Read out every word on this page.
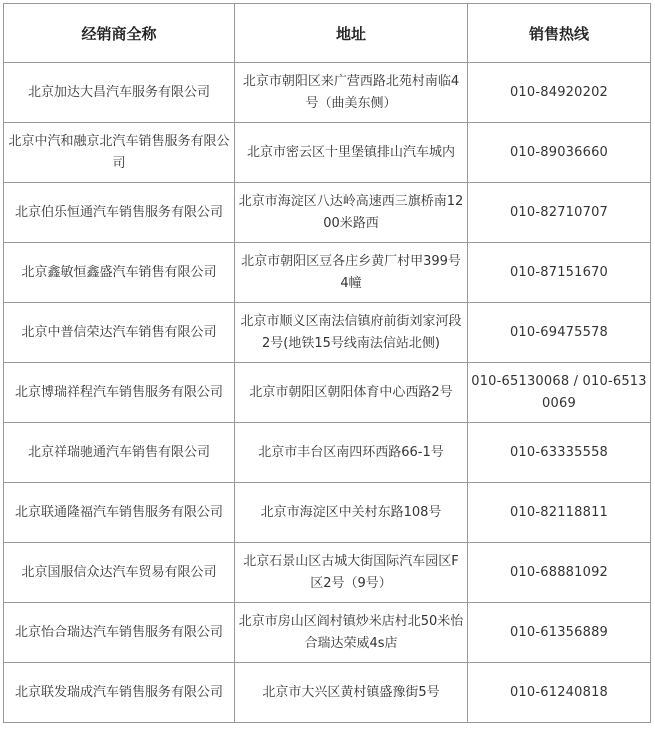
经销商全称	地址	销售热线
北京加达大昌汽车服务有限公司	北京市朝阳区来广营西路北苑村南临4号（曲美东侧）	010-84920202
北京中汽和融京北汽车销售服务有限公司	北京市密云区十里堡镇排山汽车城内	010-89036660
北京伯乐恒通汽车销售服务有限公司	北京市海淀区八达岭高速西三旗桥南1200米路西	010-82710707
北京鑫敏恒鑫盛汽车销售有限公司	北京市朝阳区豆各庄乡黄厂村甲399号4幢	010-87151670
北京中普信荣达汽车销售有限公司	北京市顺义区南法信镇府前街刘家河段2号(地铁15号线南法信站北侧)	010-69475578
北京博瑞祥程汽车销售服务有限公司	北京市朝阳区朝阳体育中心西路2号	010-65130068 / 010-65130069
北京祥瑞驰通汽车销售有限公司	北京市丰台区南四环西路66-1号	010-63335558
北京联通隆福汽车销售服务有限公司	北京市海淀区中关村东路108号	010-82118811
北京国服信众达汽车贸易有限公司	北京石景山区古城大街国际汽车园区F区2号（9号）	010-68881092
北京怡合瑞达汽车销售服务有限公司	北京市房山区阎村镇炒米店村北50米怡合瑞达荣威4s店	010-61356889
北京联发瑞成汽车销售服务有限公司	北京市大兴区黄村镇盛豫街5号	010-61240818
